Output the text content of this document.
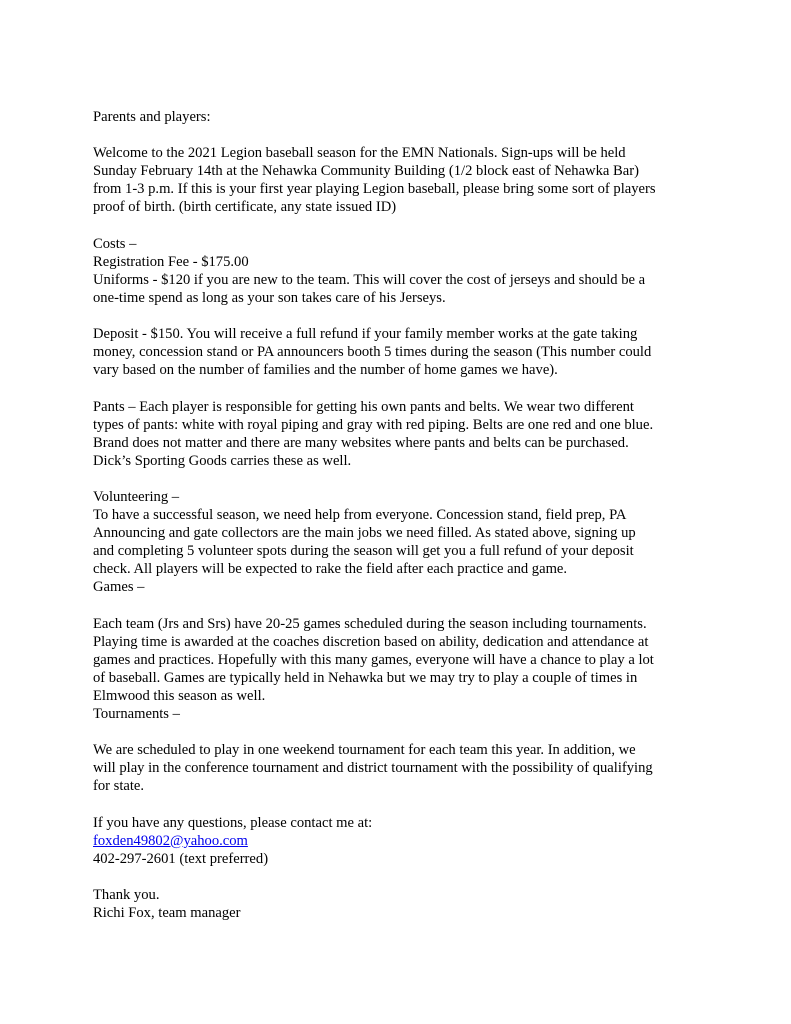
Parents and players:
Welcome to the 2021 Legion baseball season for the EMN Nationals. Sign-ups will be held
Sunday February 14th at the Nehawka Community Building (1/2 block east of Nehawka Bar)
from 1-3 p.m. If this is your first year playing Legion baseball, please bring some sort of players
proof of birth. (birth certificate, any state issued ID)
Costs –
Registration Fee - $175.00
Uniforms - $120 if you are new to the team. This will cover the cost of jerseys and should be a
one-time spend as long as your son takes care of his Jerseys.
Deposit - $150. You will receive a full refund if your family member works at the gate taking
money, concession stand or PA announcers booth 5 times during the season (This number could
vary based on the number of families and the number of home games we have).
Pants – Each player is responsible for getting his own pants and belts. We wear two different
types of pants: white with royal piping and gray with red piping. Belts are one red and one blue.
Brand does not matter and there are many websites where pants and belts can be purchased.
Dick’s Sporting Goods carries these as well.
Volunteering –
To have a successful season, we need help from everyone. Concession stand, field prep, PA
Announcing and gate collectors are the main jobs we need filled. As stated above, signing up
and completing 5 volunteer spots during the season will get you a full refund of your deposit
check. All players will be expected to rake the field after each practice and game.
Games –
Each team (Jrs and Srs) have 20-25 games scheduled during the season including tournaments.
Playing time is awarded at the coaches discretion based on ability, dedication and attendance at
games and practices. Hopefully with this many games, everyone will have a chance to play a lot
of baseball. Games are typically held in Nehawka but we may try to play a couple of times in
Elmwood this season as well.
Tournaments –
We are scheduled to play in one weekend tournament for each team this year. In addition, we
will play in the conference tournament and district tournament with the possibility of qualifying
for state.
If you have any questions, please contact me at:
foxden49802@yahoo.com
402-297-2601 (text preferred)
Thank you.
Richi Fox, team manager
